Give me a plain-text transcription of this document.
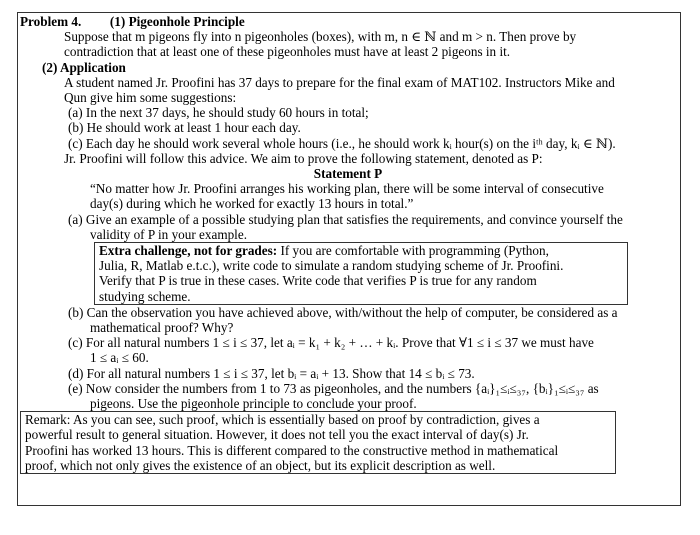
Problem 4. (1) Pigeonhole Principle
Suppose that m pigeons fly into n pigeonholes (boxes), with m, n ∈ ℕ and m > n. Then prove by
contradiction that at least one of these pigeonholes must have at least 2 pigeons in it.
(2) Application
A student named Jr. Proofini has 37 days to prepare for the final exam of MAT102. Instructors Mike and
Qun give him some suggestions:
(a) In the next 37 days, he should study 60 hours in total;
(b) He should work at least 1 hour each day.
(c) Each day he should work several whole hours (i.e., he should work kᵢ hour(s) on the iᵗʰ day, kᵢ ∈ ℕ).
Jr. Proofini will follow this advice. We aim to prove the following statement, denoted as P:
Statement P
“No matter how Jr. Proofini arranges his working plan, there will be some interval of consecutive
day(s) during which he worked for exactly 13 hours in total.”
(a) Give an example of a possible studying plan that satisfies the requirements, and convince yourself the
validity of P in your example.
Extra challenge, not for grades: If you are comfortable with programming (Python,
Julia, R, Matlab e.t.c.), write code to simulate a random studying scheme of Jr. Proofini.
Verify that P is true in these cases. Write code that verifies P is true for any random
studying scheme.
(b) Can the observation you have achieved above, with/without the help of computer, be considered as a
mathematical proof? Why?
(c) For all natural numbers 1 ≤ i ≤ 37, let aᵢ = k₁ + k₂ + … + kᵢ. Prove that ∀1 ≤ i ≤ 37 we must have
1 ≤ aᵢ ≤ 60.
(d) For all natural numbers 1 ≤ i ≤ 37, let bᵢ = aᵢ + 13. Show that 14 ≤ bᵢ ≤ 73.
(e) Now consider the numbers from 1 to 73 as pigeonholes, and the numbers {aᵢ}₁≤ᵢ≤₃₇, {bᵢ}₁≤ᵢ≤₃₇ as
pigeons. Use the pigeonhole principle to conclude your proof.
Remark: As you can see, such proof, which is essentially based on proof by contradiction, gives a
powerful result to general situation. However, it does not tell you the exact interval of day(s) Jr.
Proofini has worked 13 hours. This is different compared to the constructive method in mathematical
proof, which not only gives the existence of an object, but its explicit description as well.
